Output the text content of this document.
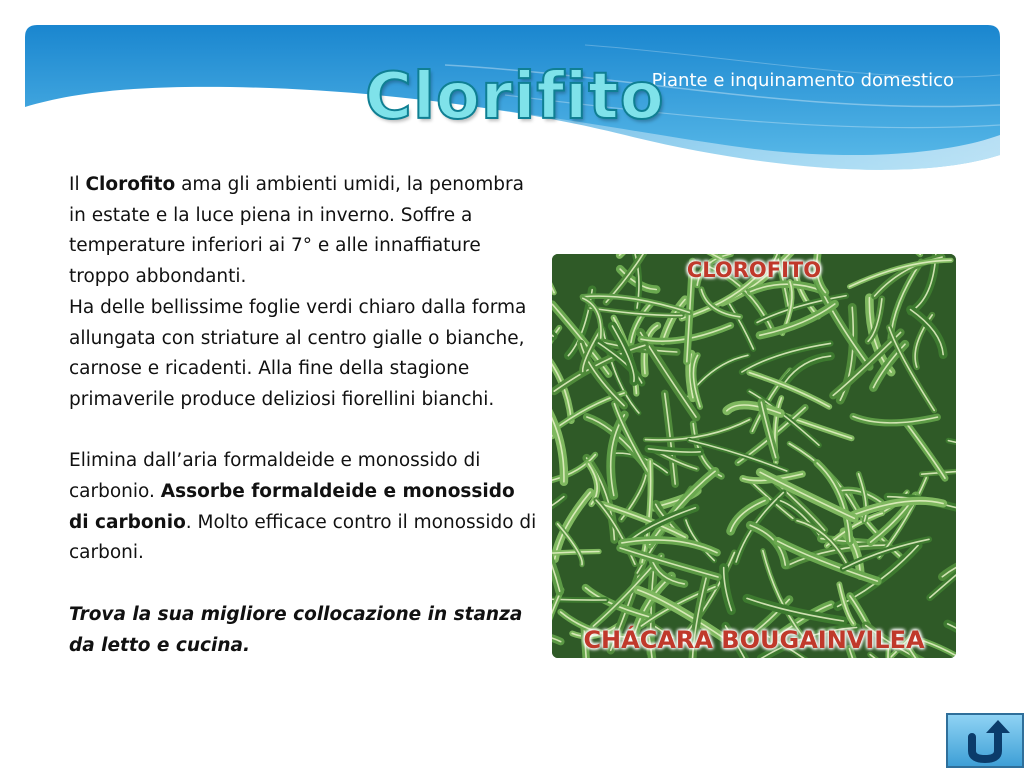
Piante e inquinamento domestico
Clorifito

Il Clorofito ama gli ambienti umidi, la penombra in estate e la luce piena in inverno. Soffre a temperature inferiori ai 7° e alle innaffiature troppo abbondanti.

Ha delle bellissime foglie verdi chiaro dalla forma allungata con striature al centro gialle o bianche, carnose e ricadenti. Alla fine della stagione primaverile produce deliziosi fiorellini bianchi.

Elimina dall’aria formaldeide e monossido di carbonio. Assorbe formaldeide e monossido di carbonio. Molto efficace contro il monossido di carboni.

Trova la sua migliore collocazione in stanza da letto e cucina.

CLOROFITO
CHÁCARA BOUGAINVILEA
